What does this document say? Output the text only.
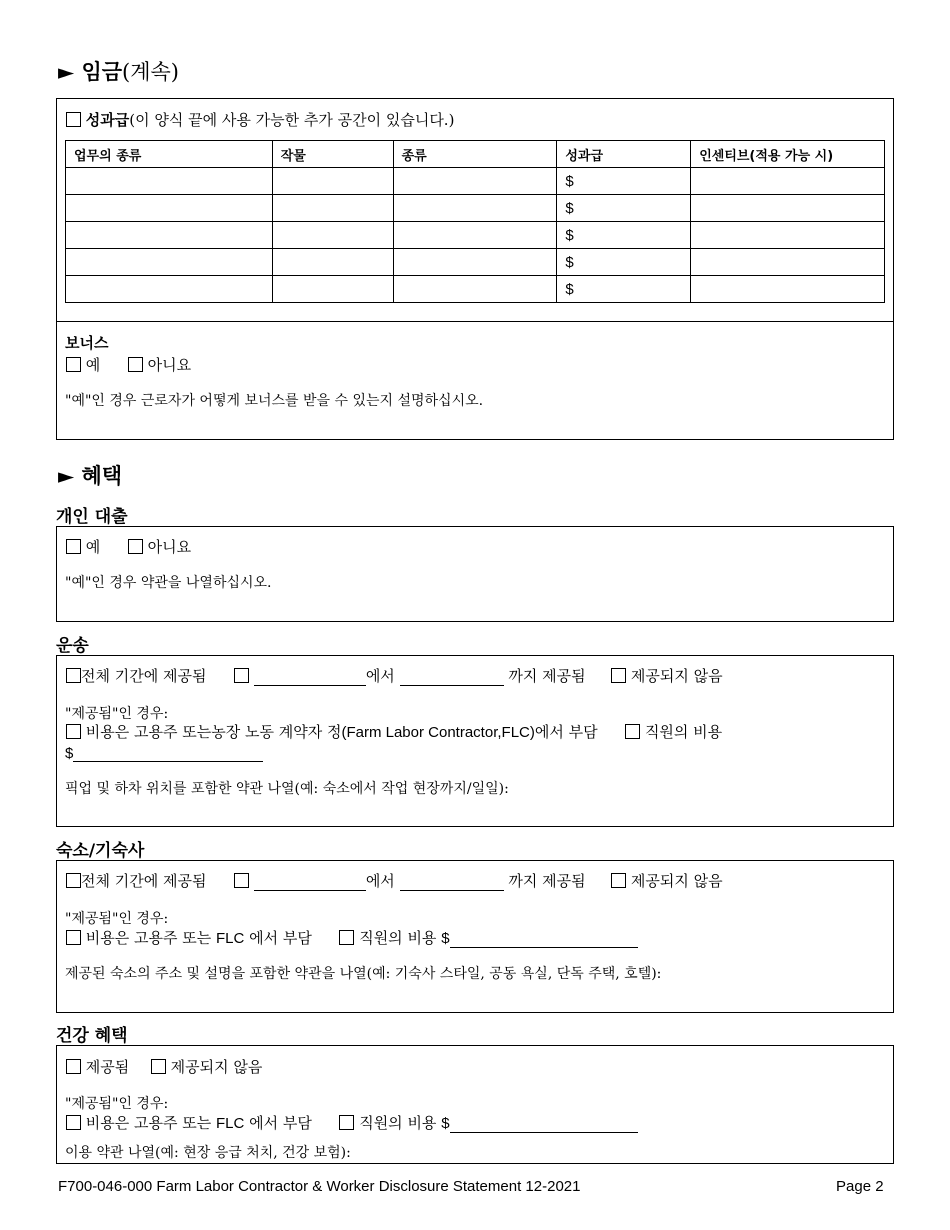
► 임금(계속)
성과급(이 양식 끝에 사용 가능한 추가 공간이 있습니다.)
업무의 종류	작물	종류	성과급	인센티브(적용 가능 시)
			$	
			$	
			$	
			$	
			$	
보너스
예	아니요
"예"인 경우 근로자가 어떻게 보너스를 받을 수 있는지 설명하십시오.
► 혜택
개인 대출
예	아니요
"예"인 경우 약관을 나열하십시오.
운송
전체 기간에 제공됨	에서	까지 제공됨	제공되지 않음
"제공됨"인 경우:
비용은 고용주 또는농장 노동 계약자 정(Farm Labor Contractor,FLC)에서 부담	직원의 비용
$
픽업 및 하차 위치를 포함한 약관 나열(예: 숙소에서 작업 현장까지/일일):
숙소/기숙사
전체 기간에 제공됨	에서	까지 제공됨	제공되지 않음
"제공됨"인 경우:
비용은 고용주 또는 FLC 에서 부담	직원의 비용 $
제공된 숙소의 주소 및 설명을 포함한 약관을 나열(예: 기숙사 스타일, 공동 욕실, 단독 주택, 호텔):
건강 혜택
제공됨	제공되지 않음
"제공됨"인 경우:
비용은 고용주 또는 FLC 에서 부담	직원의 비용 $
이용 약관 나열(예: 현장 응급 처치, 건강 보험):
F700-046-000 Farm Labor Contractor & Worker Disclosure Statement 12-2021	Page 2
